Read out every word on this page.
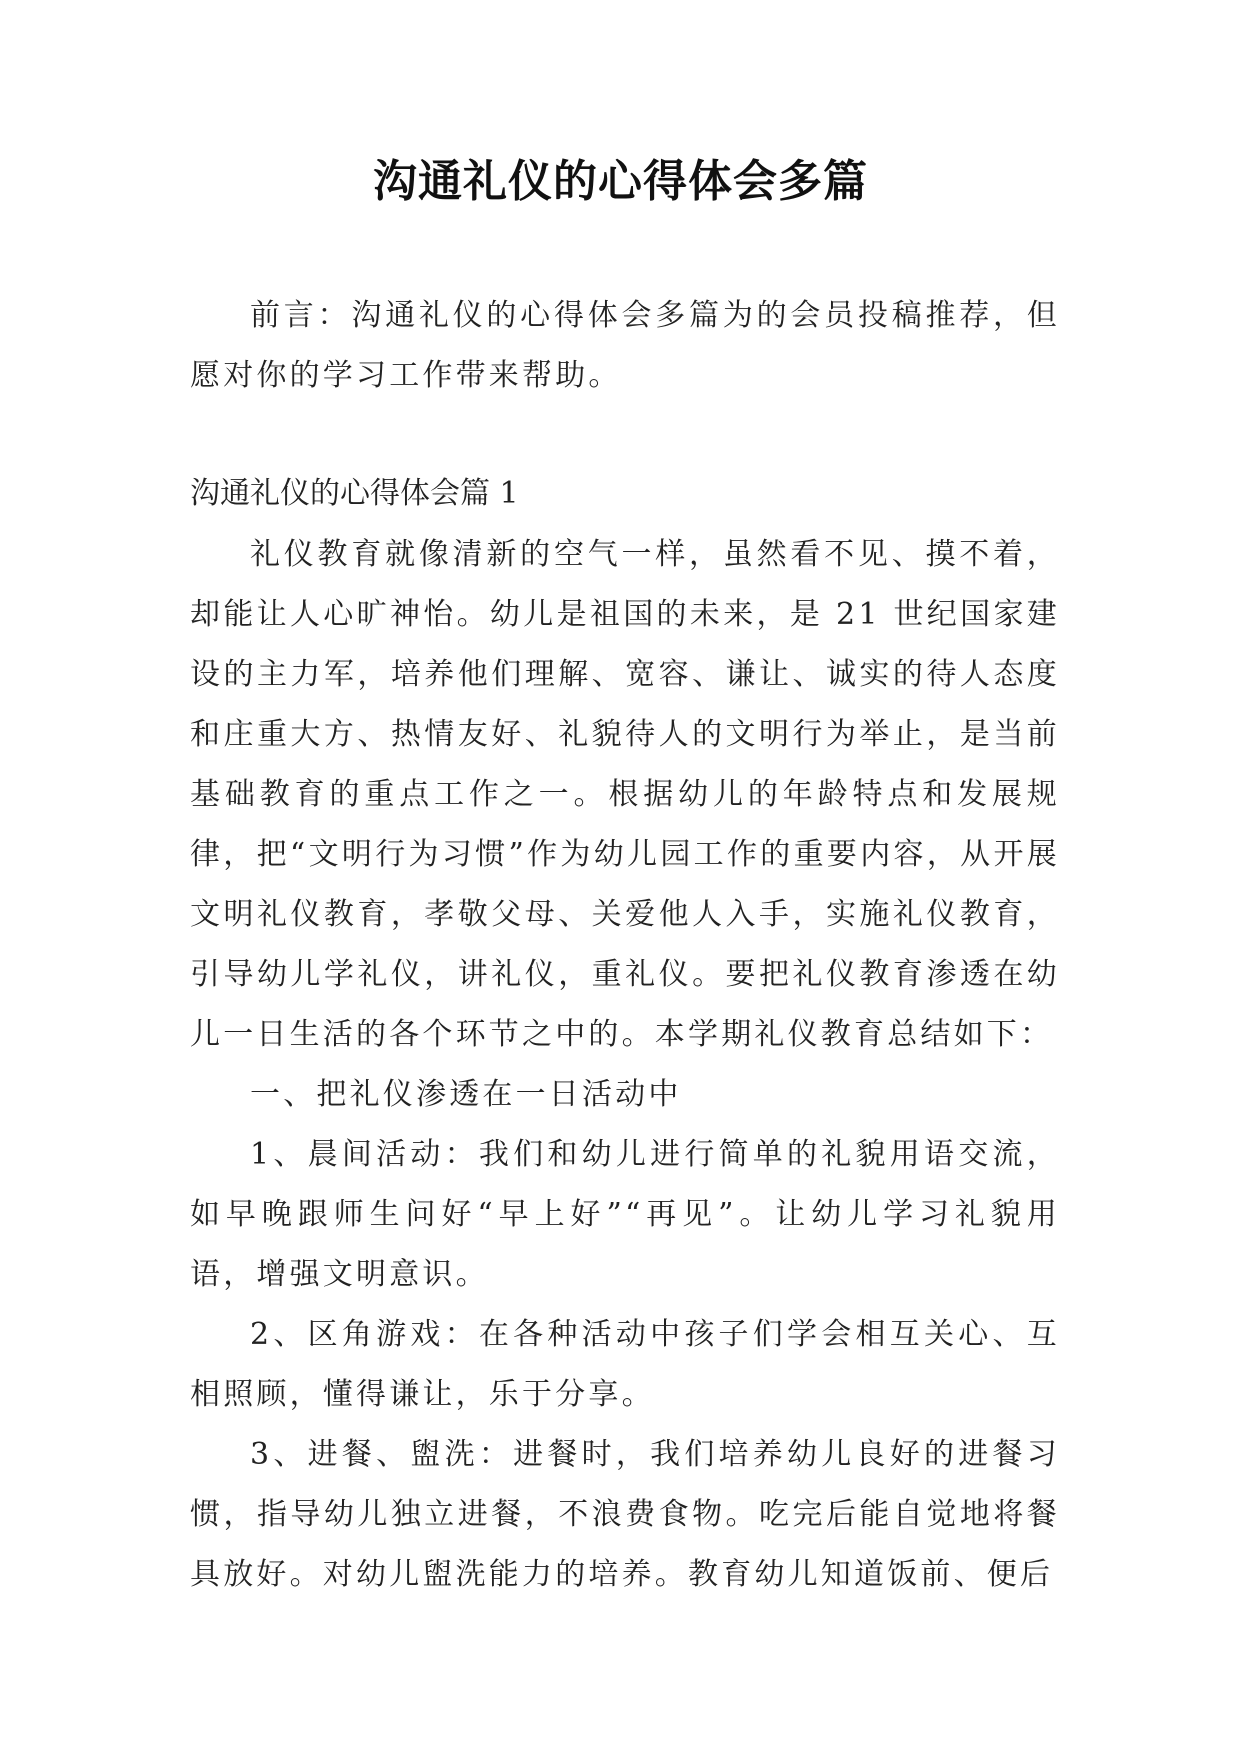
沟通礼仪的心得体会多篇

前言：沟通礼仪的心得体会多篇为的会员投稿推荐，但愿对你的学习工作带来帮助。

沟通礼仪的心得体会篇 1

礼仪教育就像清新的空气一样，虽然看不见、摸不着，却能让人心旷神怡。幼儿是祖国的未来，是 21 世纪国家建设的主力军，培养他们理解、宽容、谦让、诚实的待人态度和庄重大方、热情友好、礼貌待人的文明行为举止，是当前基础教育的重点工作之一。根据幼儿的年龄特点和发展规律，把“文明行为习惯”作为幼儿园工作的重要内容，从开展文明礼仪教育，孝敬父母、关爱他人入手，实施礼仪教育，引导幼儿学礼仪，讲礼仪，重礼仪。要把礼仪教育渗透在幼儿一日生活的各个环节之中的。本学期礼仪教育总结如下：

一、把礼仪渗透在一日活动中

1、晨间活动：我们和幼儿进行简单的礼貌用语交流，如早晚跟师生问好“早上好”“再见”。让幼儿学习礼貌用语，增强文明意识。

2、区角游戏：在各种活动中孩子们学会相互关心、互相照顾，懂得谦让，乐于分享。

3、进餐、盥洗：进餐时，我们培养幼儿良好的进餐习惯，指导幼儿独立进餐，不浪费食物。吃完后能自觉地将餐具放好。对幼儿盥洗能力的培养。教育幼儿知道饭前、便后
